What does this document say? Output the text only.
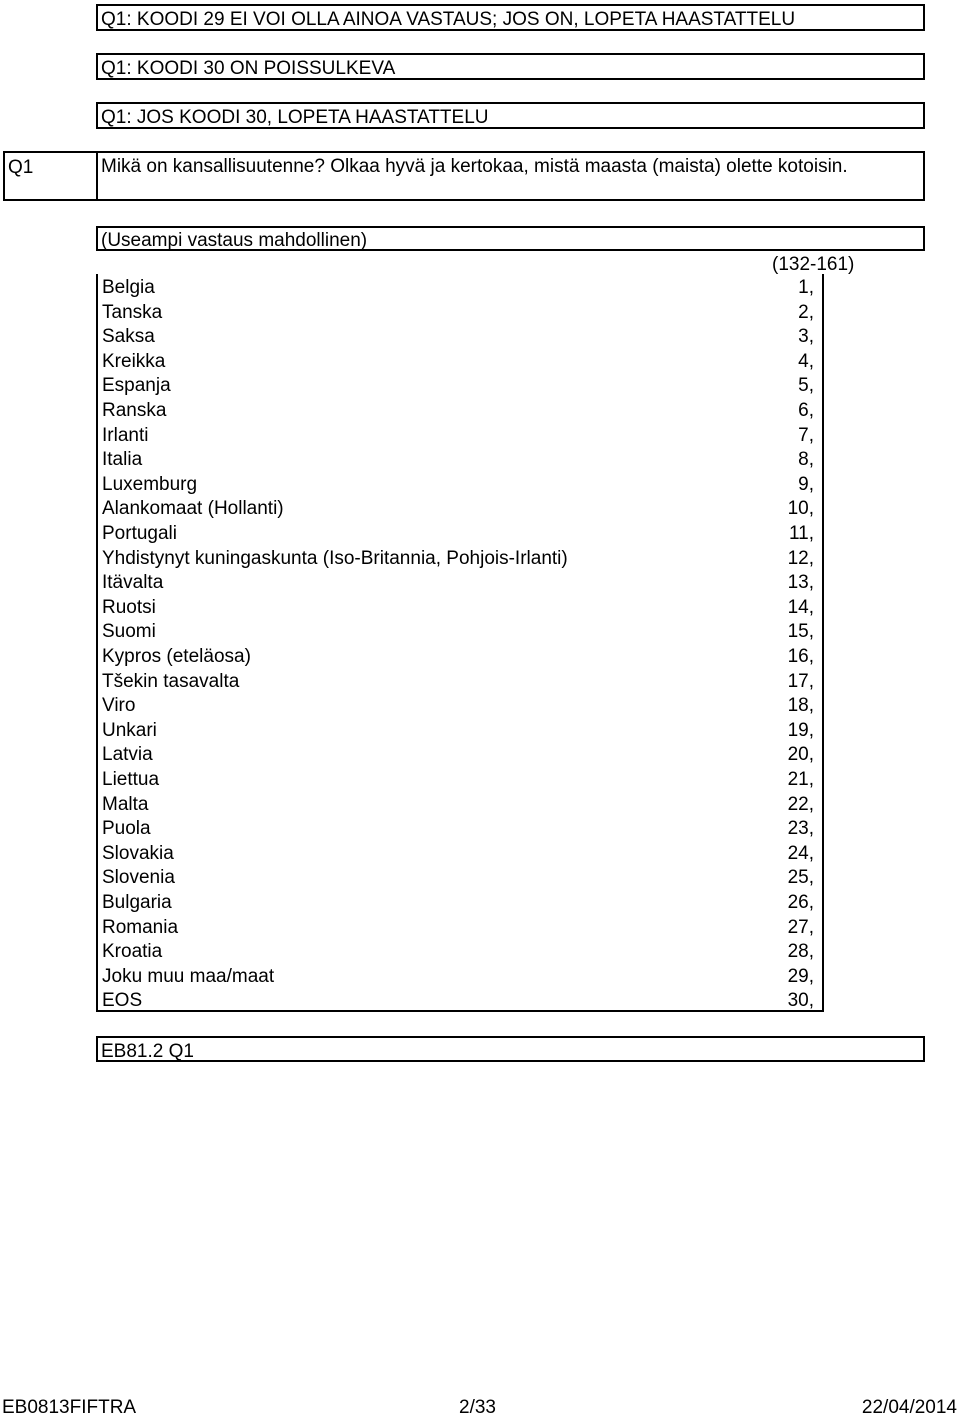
Q1: KOODI 29 EI VOI OLLA AINOA VASTAUS; JOS ON, LOPETA HAASTATTELU
Q1: KOODI 30 ON POISSULKEVA
Q1: JOS KOODI 30, LOPETA HAASTATTELU
Q1	Mikä on kansallisuutenne? Olkaa hyvä ja kertokaa, mistä maasta (maista) olette kotoisin.
(Useampi vastaus mahdollinen)
(132-161)
Belgia	1,
Tanska	2,
Saksa	3,
Kreikka	4,
Espanja	5,
Ranska	6,
Irlanti	7,
Italia	8,
Luxemburg	9,
Alankomaat (Hollanti)	10,
Portugali	11,
Yhdistynyt kuningaskunta (Iso-Britannia, Pohjois-Irlanti)	12,
Itävalta	13,
Ruotsi	14,
Suomi	15,
Kypros (eteläosa)	16,
Tšekin tasavalta	17,
Viro	18,
Unkari	19,
Latvia	20,
Liettua	21,
Malta	22,
Puola	23,
Slovakia	24,
Slovenia	25,
Bulgaria	26,
Romania	27,
Kroatia	28,
Joku muu maa/maat	29,
EOS	30,
EB81.2 Q1
EB0813FIFTRA	2/33	22/04/2014
